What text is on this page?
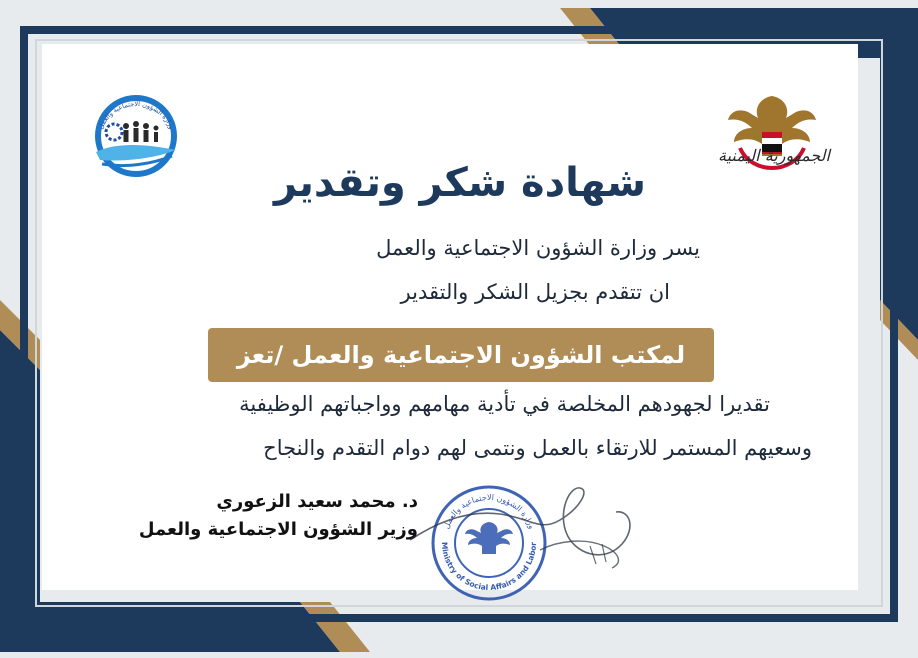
الجمهورية اليمنية
وزارة الشؤون الاجتماعية والعمل
شهادة شكر وتقدير
يسر وزارة الشؤون الاجتماعية والعمل
ان تتقدم بجزيل الشكر والتقدير
لمكتب الشؤون الاجتماعية والعمل /تعز
تقديرا لجهودهم المخلصة في تأدية مهامهم وواجباتهم الوظيفية
وسعيهم المستمر للارتقاء بالعمل ونتمى لهم دوام التقدم والنجاح
د. محمد سعيد الزعوري
وزير الشؤون الاجتماعية والعمل	وزارة الشؤون الاجتماعية والعمل
Ministry of Social Affairs and Labor
